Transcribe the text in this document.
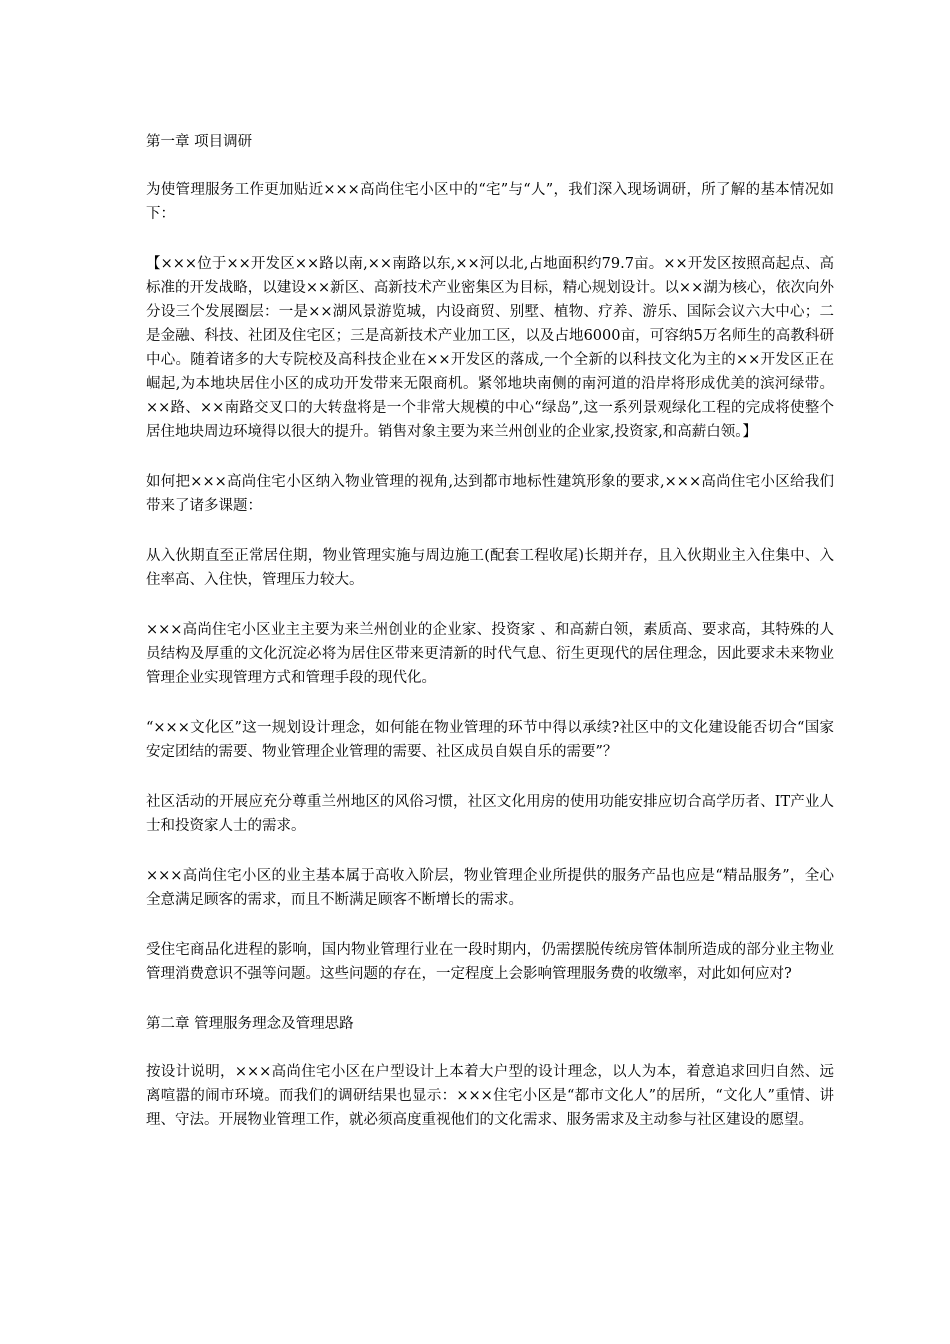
第一章 项目调研

为使管理服务工作更加贴近×××高尚住宅小区中的“宅”与“人”，我们深入现场调研，所了解的基本情况如下：

【×××位于××开发区××路以南,××南路以东,××河以北,占地面积约79.7亩。××开发区按照高起点、高标准的开发战略，以建设××新区、高新技术产业密集区为目标，精心规划设计。以××湖为核心，依次向外分设三个发展圈层：一是××湖风景游览城，内设商贸、别墅、植物、疗养、游乐、国际会议六大中心；二是金融、科技、社团及住宅区；三是高新技术产业加工区，以及占地6000亩，可容纳5万名师生的高教科研中心。随着诸多的大专院校及高科技企业在××开发区的落成,一个全新的以科技文化为主的××开发区正在崛起,为本地块居住小区的成功开发带来无限商机。紧邻地块南侧的南河道的沿岸将形成优美的滨河绿带。××路、××南路交叉口的大转盘将是一个非常大规模的中心“绿岛”,这一系列景观绿化工程的完成将使整个居住地块周边环境得以很大的提升。销售对象主要为来兰州创业的企业家,投资家,和高薪白领。】

如何把×××高尚住宅小区纳入物业管理的视角,达到都市地标性建筑形象的要求,×××高尚住宅小区给我们带来了诸多课题：

从入伙期直至正常居住期，物业管理实施与周边施工(配套工程收尾)长期并存，且入伙期业主入住集中、入住率高、入住快，管理压力较大。

×××高尚住宅小区业主主要为来兰州创业的企业家、投资家 、和高薪白领，素质高、要求高，其特殊的人员结构及厚重的文化沉淀必将为居住区带来更清新的时代气息、衍生更现代的居住理念，因此要求未来物业管理企业实现管理方式和管理手段的现代化。

“×××文化区”这一规划设计理念，如何能在物业管理的环节中得以承续?社区中的文化建设能否切合“国家安定团结的需要、物业管理企业管理的需要、社区成员自娱自乐的需要”？

社区活动的开展应充分尊重兰州地区的风俗习惯，社区文化用房的使用功能安排应切合高学历者、IT产业人士和投资家人士的需求。

×××高尚住宅小区的业主基本属于高收入阶层，物业管理企业所提供的服务产品也应是“精品服务”，全心全意满足顾客的需求，而且不断满足顾客不断增长的需求。

受住宅商品化进程的影响，国内物业管理行业在一段时期内，仍需摆脱传统房管体制所造成的部分业主物业管理消费意识不强等问题。这些问题的存在，一定程度上会影响管理服务费的收缴率，对此如何应对?

第二章 管理服务理念及管理思路

按设计说明，×××高尚住宅小区在户型设计上本着大户型的设计理念，以人为本，着意追求回归自然、远离喧嚣的闹市环境。而我们的调研结果也显示：×××住宅小区是“都市文化人”的居所，“文化人”重情、讲理、守法。开展物业管理工作，就必须高度重视他们的文化需求、服务需求及主动参与社区建设的愿望。
